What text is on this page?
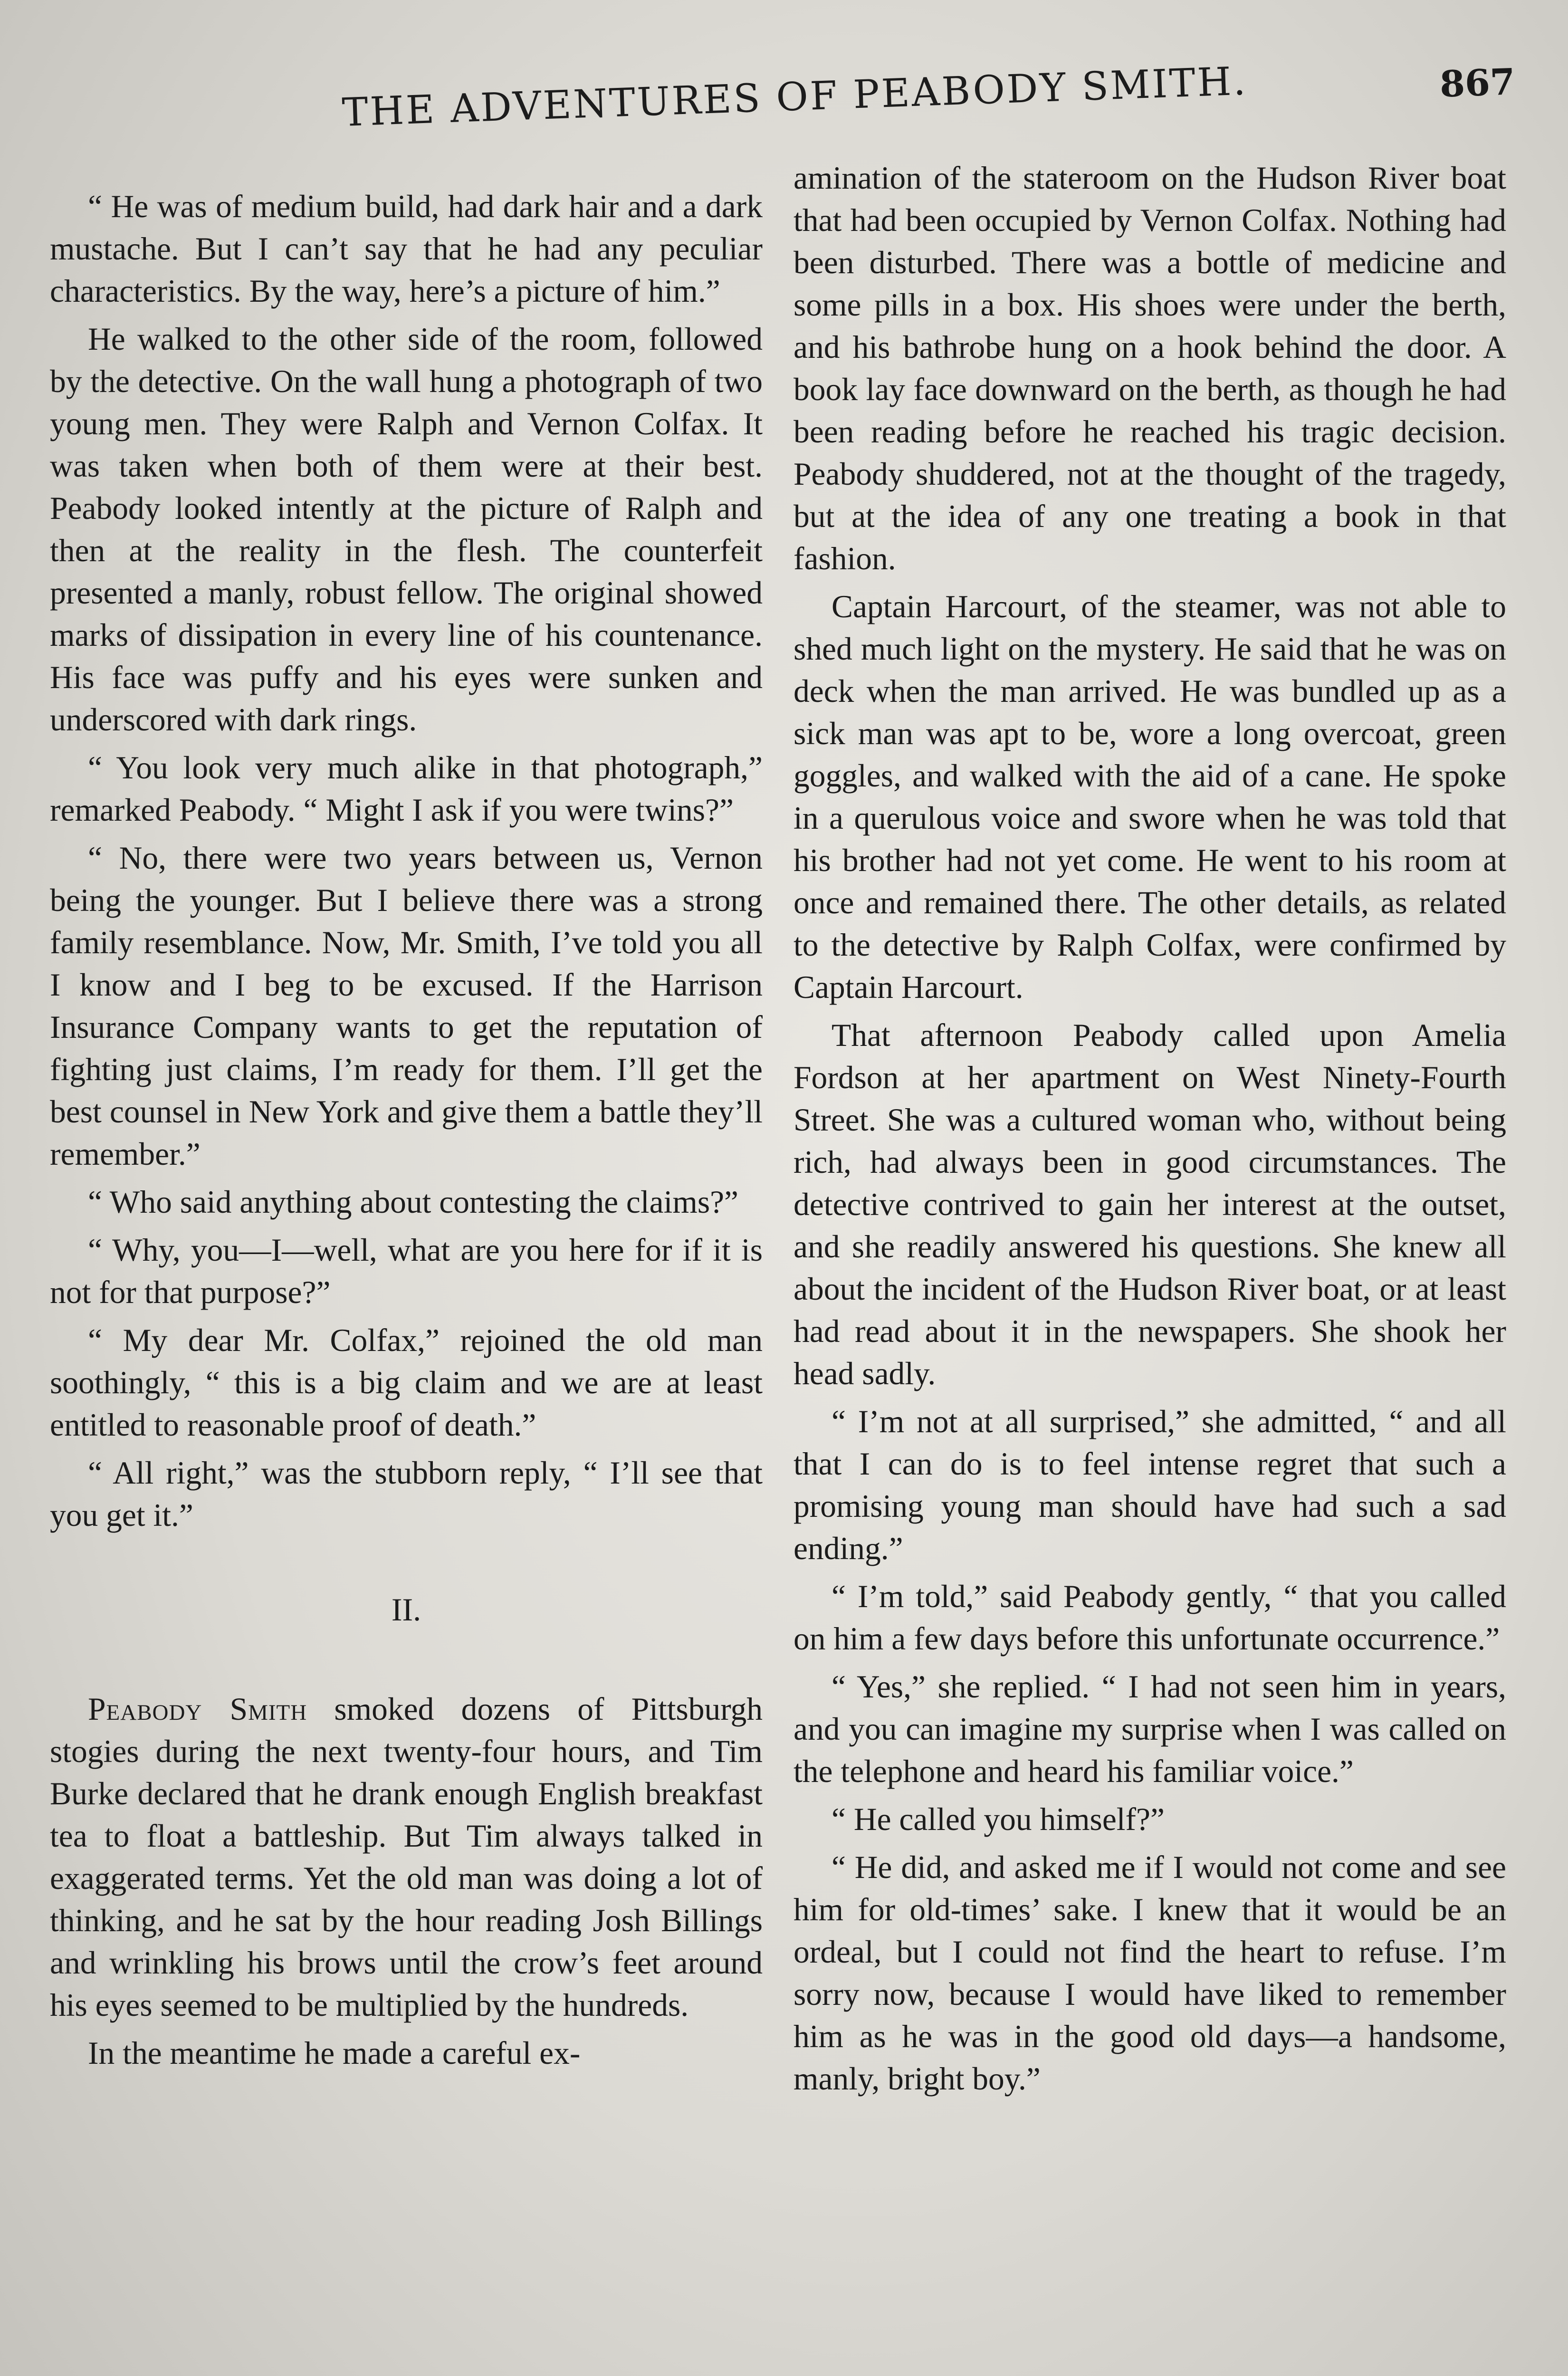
THE ADVENTURES OF PEABODY SMITH.	867

“ He was of medium build, had dark hair and a dark mustache. But I can’t say that he had any peculiar characteristics. By the way, here’s a picture of him.”

He walked to the other side of the room, followed by the detective. On the wall hung a photograph of two young men. They were Ralph and Vernon Colfax. It was taken when both of them were at their best. Peabody looked intently at the picture of Ralph and then at the reality in the flesh. The counterfeit presented a manly, robust fellow. The original showed marks of dissipation in every line of his countenance. His face was puffy and his eyes were sunken and underscored with dark rings.

“ You look very much alike in that photograph,” remarked Peabody. “ Might I ask if you were twins?”

“ No, there were two years between us, Vernon being the younger. But I believe there was a strong family resemblance. Now, Mr. Smith, I’ve told you all I know and I beg to be excused. If the Harrison Insurance Company wants to get the reputation of fighting just claims, I’m ready for them. I’ll get the best counsel in New York and give them a battle they’ll remember.”

“ Who said anything about contesting the claims?”

“ Why, you—I—well, what are you here for if it is not for that purpose?”

“ My dear Mr. Colfax,” rejoined the old man soothingly, “ this is a big claim and we are at least entitled to reasonable proof of death.”

“ All right,” was the stubborn reply, “ I’ll see that you get it.”

II.

Peabody Smith smoked dozens of Pittsburgh stogies during the next twenty-four hours, and Tim Burke declared that he drank enough English breakfast tea to float a battleship. But Tim always talked in exaggerated terms. Yet the old man was doing a lot of thinking, and he sat by the hour reading Josh Billings and wrinkling his brows until the crow’s feet around his eyes seemed to be multiplied by the hundreds.

In the meantime he made a careful ex-

amination of the stateroom on the Hudson River boat that had been occupied by Vernon Colfax. Nothing had been disturbed. There was a bottle of medicine and some pills in a box. His shoes were under the berth, and his bathrobe hung on a hook behind the door. A book lay face downward on the berth, as though he had been reading before he reached his tragic decision. Peabody shuddered, not at the thought of the tragedy, but at the idea of any one treating a book in that fashion.

Captain Harcourt, of the steamer, was not able to shed much light on the mystery. He said that he was on deck when the man arrived. He was bundled up as a sick man was apt to be, wore a long overcoat, green goggles, and walked with the aid of a cane. He spoke in a querulous voice and swore when he was told that his brother had not yet come. He went to his room at once and remained there. The other details, as related to the detective by Ralph Colfax, were confirmed by Captain Harcourt.

That afternoon Peabody called upon Amelia Fordson at her apartment on West Ninety-Fourth Street. She was a cultured woman who, without being rich, had always been in good circumstances. The detective contrived to gain her interest at the outset, and she readily answered his questions. She knew all about the incident of the Hudson River boat, or at least had read about it in the newspapers. She shook her head sadly.

“ I’m not at all surprised,” she admitted, “ and all that I can do is to feel intense regret that such a promising young man should have had such a sad ending.”

“ I’m told,” said Peabody gently, “ that you called on him a few days before this unfortunate occurrence.”

“ Yes,” she replied. “ I had not seen him in years, and you can imagine my surprise when I was called on the telephone and heard his familiar voice.”

“ He called you himself?”

“ He did, and asked me if I would not come and see him for old-times’ sake. I knew that it would be an ordeal, but I could not find the heart to refuse. I’m sorry now, because I would have liked to remember him as he was in the good old days—a handsome, manly, bright boy.”
